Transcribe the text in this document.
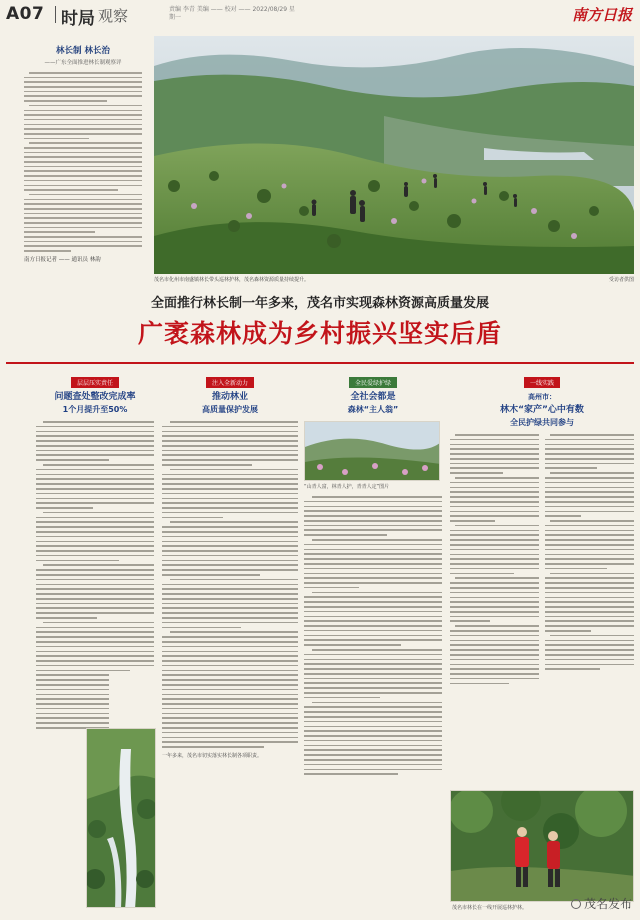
A07 时局 观察	责编 李青 美编 —— 校对 —— 2022/08/29 星期一	南方日报
林长制 林长治
——广东全面推进林长制观察评
南方日报记者 —— 通讯员 林韵
茂名市化州市南盛镇林长带头巡林护林，茂名森林资源质量持续提升。	受访者供图
全面推行林长制一年多来，茂名市实现森林资源高质量发展
广袤森林成为乡村振兴坚实后盾
层层压实责任
问题查处整改完成率
1个月提升至50%
注入全新动力
推动林业
高质量保护发展
一年多来，茂名市切实落实林长制各项职责。
全民爱绿护绿
全社会都是
森林“主人翁”
“山青人富，林青人护，青青人定”图片
一线实践
高州市：
林木“家产”心中有数
全民护绿共同参与
茂名市林长在一线开展巡林护林。	茂名发布
